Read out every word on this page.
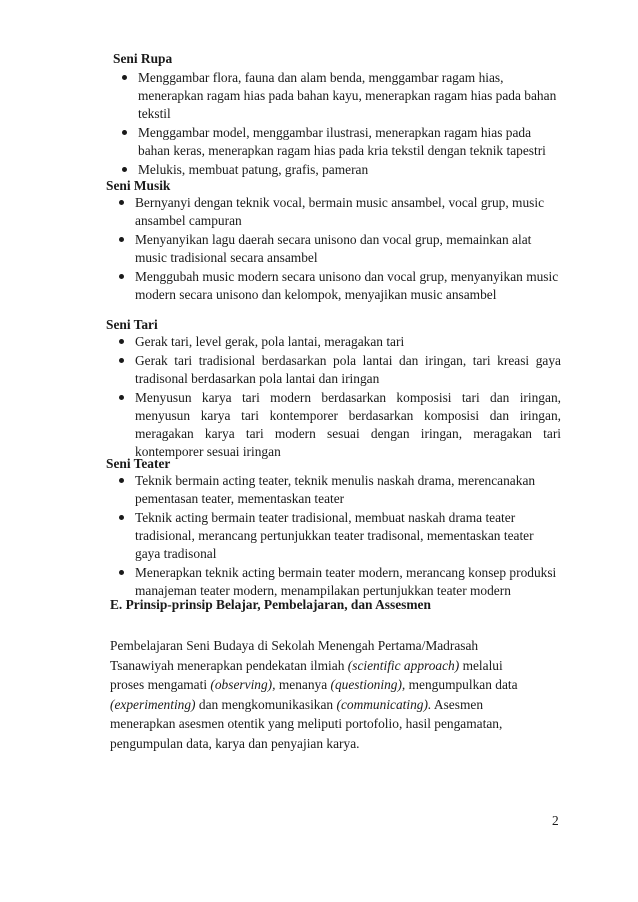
Seni Rupa
Menggambar flora, fauna dan alam benda, menggambar ragam hias, menerapkan ragam hias pada bahan kayu, menerapkan ragam hias pada bahan tekstil
Menggambar model, menggambar ilustrasi, menerapkan ragam hias pada bahan keras, menerapkan ragam hias pada kria tekstil dengan teknik tapestri
Melukis, membuat patung, grafis, pameran
Seni Musik
Bernyanyi dengan teknik vocal, bermain music ansambel, vocal grup, music ansambel campuran
Menyanyikan lagu daerah secara unisono dan vocal grup, memainkan alat music tradisional secara ansambel
Menggubah music modern secara unisono dan vocal grup, menyanyikan music modern secara unisono dan kelompok, menyajikan music ansambel
Seni Tari
Gerak tari, level gerak, pola lantai, meragakan tari
Gerak tari tradisional berdasarkan pola lantai dan iringan, tari kreasi gaya tradisonal berdasarkan pola lantai dan iringan
Menyusun karya tari modern berdasarkan komposisi tari dan iringan, menyusun karya tari kontemporer berdasarkan komposisi dan iringan, meragakan karya tari modern sesuai dengan iringan, meragakan tari kontemporer sesuai iringan
Seni Teater
Teknik bermain acting teater, teknik menulis naskah drama, merencanakan pementasan teater, mementaskan teater
Teknik acting bermain teater tradisional, membuat naskah drama teater tradisional, merancang pertunjukkan teater tradisonal, mementaskan teater gaya tradisonal
Menerapkan teknik acting bermain teater modern, merancang konsep produksi manajeman teater modern, menampilakan pertunjukkan teater modern
E. Prinsip-prinsip Belajar, Pembelajaran, dan Assesmen
Pembelajaran Seni Budaya di Sekolah Menengah Pertama/Madrasah Tsanawiyah menerapkan pendekatan ilmiah (scientific approach) melalui proses mengamati (observing), menanya (questioning), mengumpulkan data (experimenting) dan mengkomunikasikan (communicating). Asesmen menerapkan asesmen otentik yang meliputi portofolio, hasil pengamatan, pengumpulan data, karya dan penyajian karya.
2
